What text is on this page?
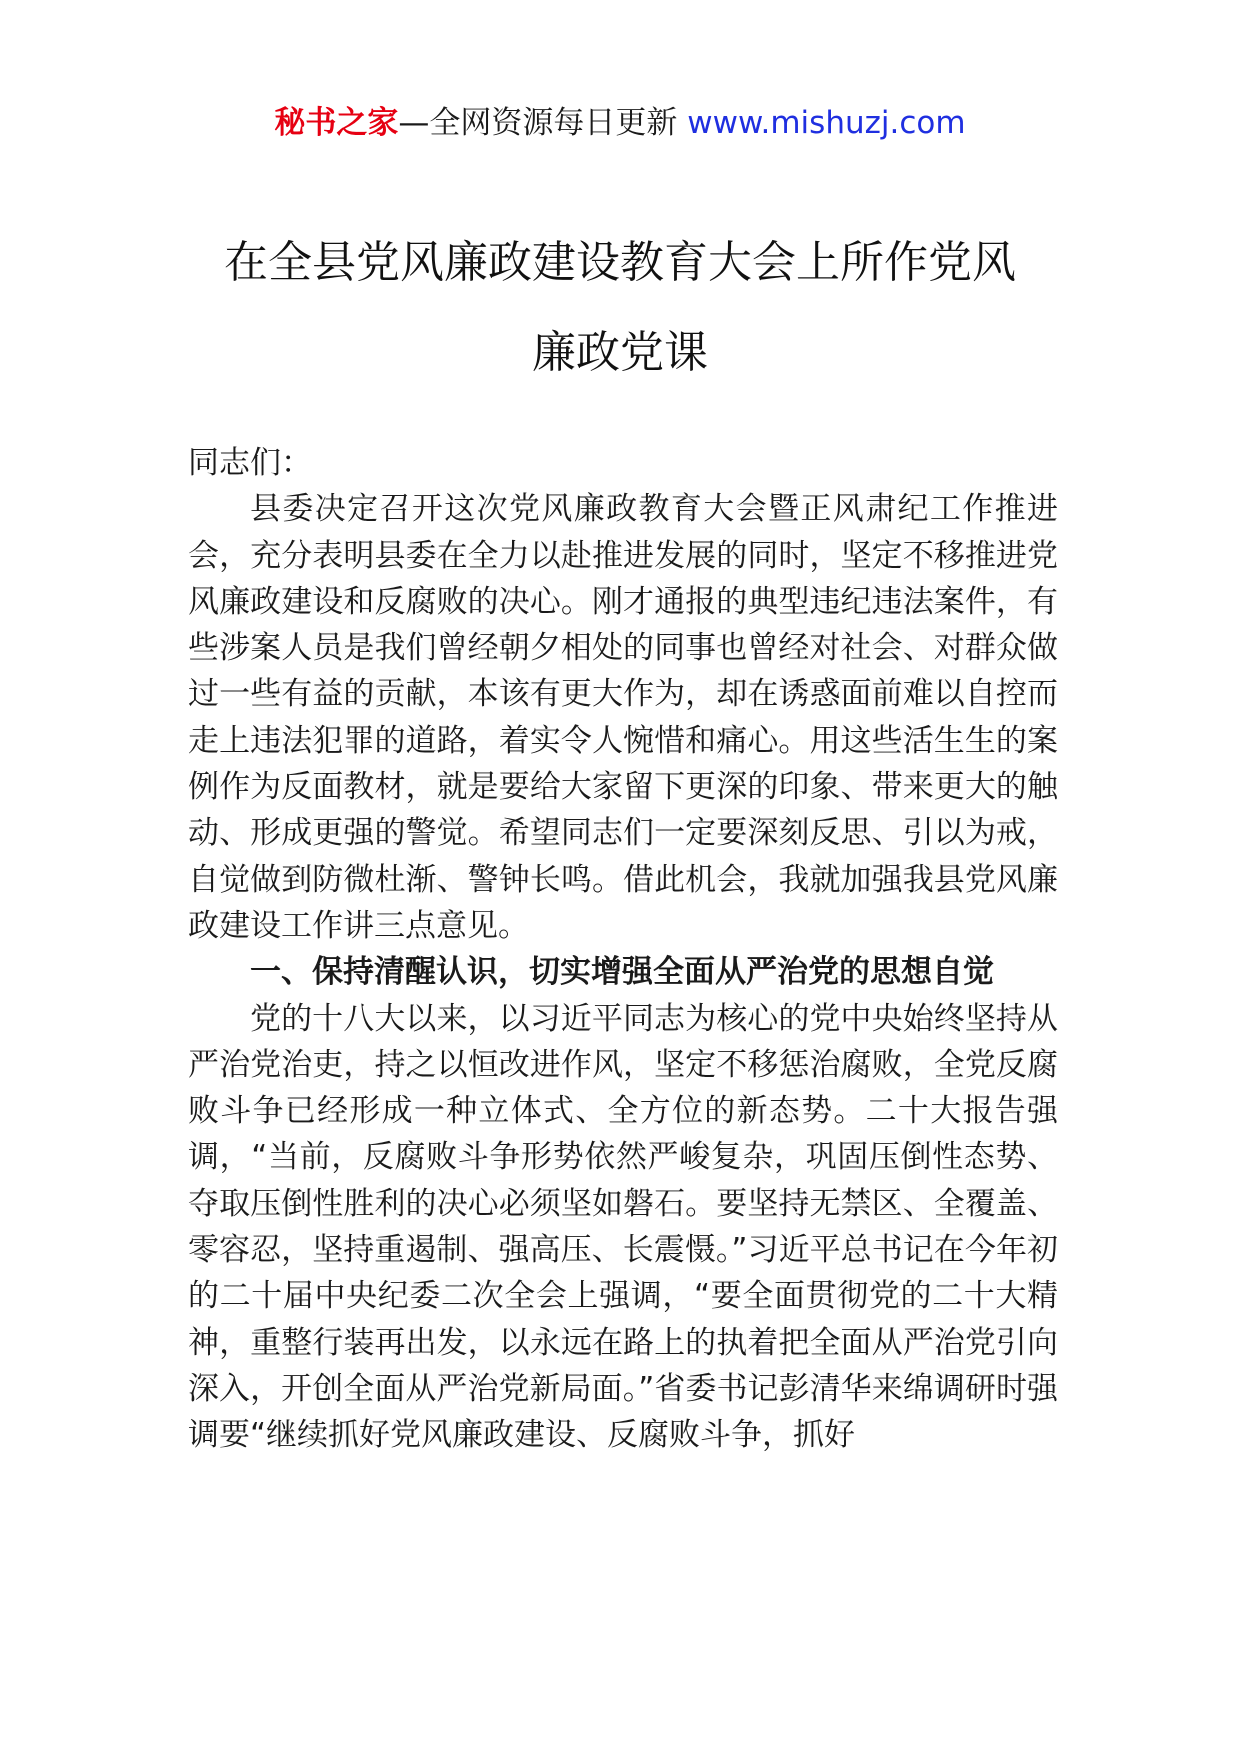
秘书之家—全网资源每日更新 www.mishuzj.com
在全县党风廉政建设教育大会上所作党风
廉政党课

同志们：

县委决定召开这次党风廉政教育大会暨正风肃纪工作推进会，充分表明县委在全力以赴推进发展的同时，坚定不移推进党风廉政建设和反腐败的决心。刚才通报的典型违纪违法案件，有些涉案人员是我们曾经朝夕相处的同事也曾经对社会、对群众做过一些有益的贡献，本该有更大作为，却在诱惑面前难以自控而走上违法犯罪的道路，着实令人惋惜和痛心。用这些活生生的案例作为反面教材，就是要给大家留下更深的印象、带来更大的触动、形成更强的警觉。希望同志们一定要深刻反思、引以为戒，自觉做到防微杜渐、警钟长鸣。借此机会，我就加强我县党风廉政建设工作讲三点意见。

一、保持清醒认识，切实增强全面从严治党的思想自觉

党的十八大以来，以习近平同志为核心的党中央始终坚持从严治党治吏，持之以恒改进作风，坚定不移惩治腐败，全党反腐败斗争已经形成一种立体式、全方位的新态势。二十大报告强调，“当前，反腐败斗争形势依然严峻复杂，巩固压倒性态势、夺取压倒性胜利的决心必须坚如磐石。要坚持无禁区、全覆盖、零容忍，坚持重遏制、强高压、长震慑。”习近平总书记在今年初的二十届中央纪委二次全会上强调，“要全面贯彻党的二十大精神，重整行装再出发，以永远在路上的执着把全面从严治党引向深入，开创全面从严治党新局面。”省委书记彭清华来绵调研时强调要“继续抓好党风廉政建设、反腐败斗争，抓好
